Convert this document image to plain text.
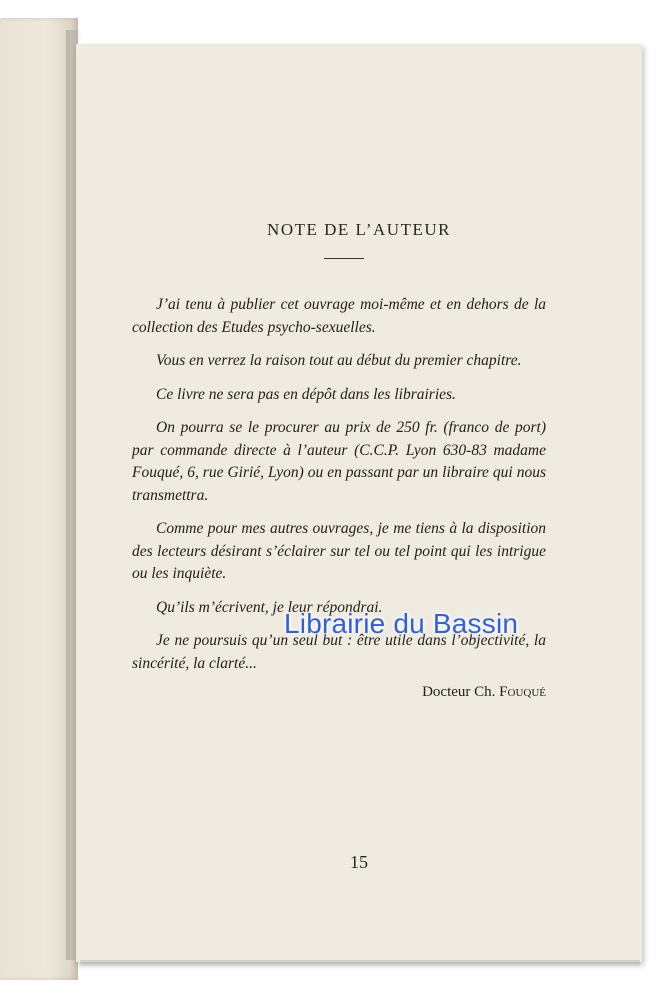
NOTE DE L’AUTEUR

J’ai tenu à publier cet ouvrage moi-même et en dehors de la collection des Etudes psycho-sexuelles.

Vous en verrez la raison tout au début du premier chapitre.

Ce livre ne sera pas en dépôt dans les librairies.

On pourra se le procurer au prix de 250 fr. (franco de port) par commande directe à l’auteur (C.C.P. Lyon 630-83 madame Fouqué, 6, rue Girié, Lyon) ou en passant par un libraire qui nous transmettra.

Comme pour mes autres ouvrages, je me tiens à la disposition des lecteurs désirant s’éclairer sur tel ou tel point qui les intrigue ou les inquiète.

Qu’ils m’écrivent, je leur répondrai.

Je ne poursuis qu’un seul but : être utile dans l’objectivité, la sincérité, la clarté...

Docteur Ch. Fouqué
15
Librairie du Bassin
